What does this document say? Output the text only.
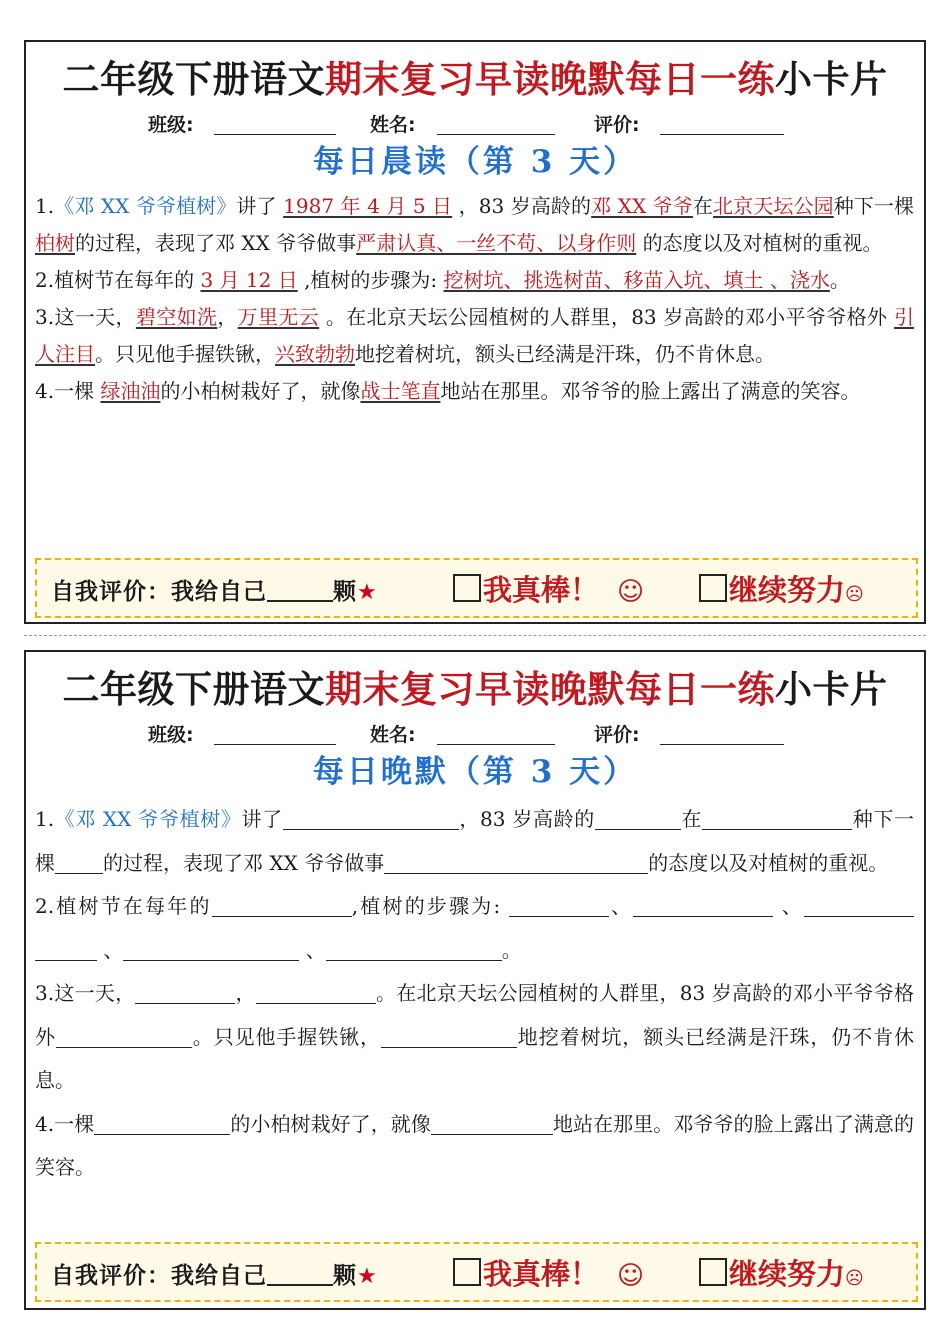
二年级下册语文期末复习早读晚默每日一练小卡片
班级:	姓名:	评价:
每日晨读（第 3 天）

1.《邓 XX 爷爷植树》讲了 1987 年 4 月 5 日 ，83 岁高龄的邓 XX 爷爷在北京天坛公园种下一棵柏树的过程，表现了邓 XX 爷爷做事严肃认真、一丝不苟、以身作则 的态度以及对植树的重视。

2.植树节在每年的 3 月 12 日 ,植树的步骤为: 挖树坑、挑选树苗、移苗入坑、填土 、浇水。

3.这一天，碧空如洗，万里无云 。在北京天坛公园植树的人群里，83 岁高龄的邓小平爷爷格外 引人注目。只见他手握铁锹，兴致勃勃地挖着树坑，额头已经满是汗珠，仍不肯休息。

4.一棵 绿油油的小柏树栽好了，就像战士笔直地站在那里。邓爷爷的脸上露出了满意的笑容。

自我评价：我给自己	颗★	我真棒！ ☺	继续努力☹
二年级下册语文期末复习早读晚默每日一练小卡片
班级:	姓名:	评价:
每日晚默（第 3 天）

1.《邓 XX 爷爷植树》讲了	，83 岁高龄的	在	种下一棵 的过程，表现了邓 XX 爷爷做事	的态度以及对植树的重视。

2.植树节在每年的	,植树的步骤为:	、	、  、	、	。

3.这一天，	，	。在北京天坛公园植树的人群里，83 岁高龄的邓小平爷爷格外	。只见他手握铁锹，	地挖着树坑，额头已经满是汗珠，仍不肯休息。

4.一棵	的小柏树栽好了，就像	地站在那里。邓爷爷的脸上露出了满意的笑容。

自我评价：我给自己	颗★	我真棒！ ☺	继续努力☹
